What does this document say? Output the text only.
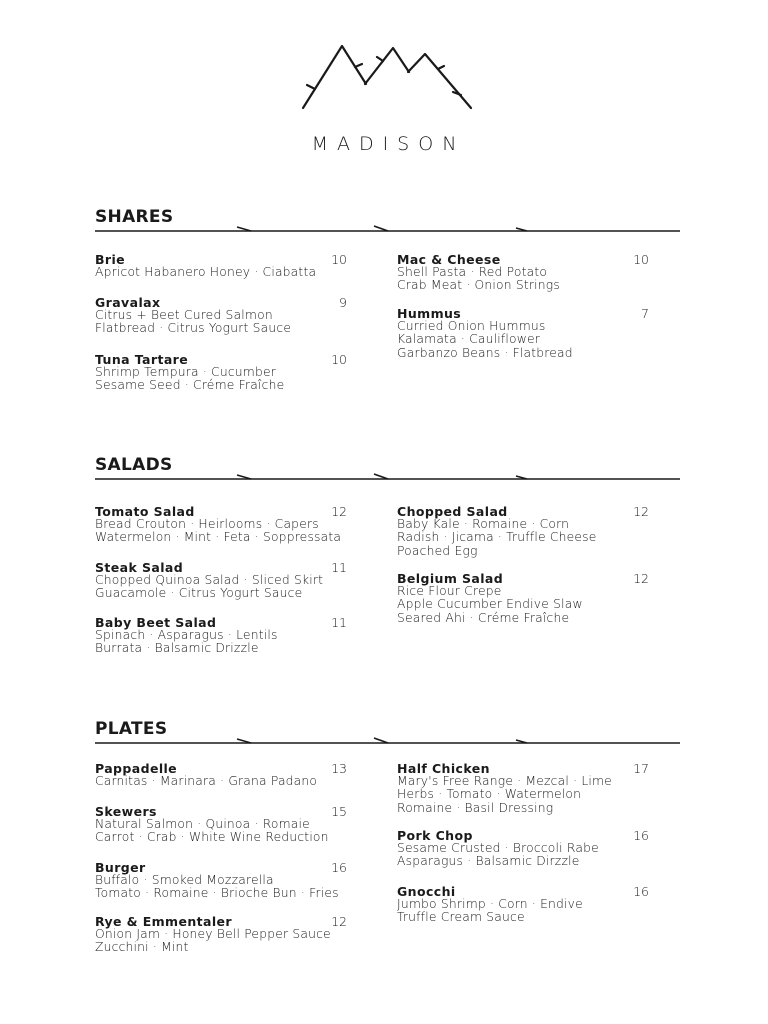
MADISON
SHARES
Brie	10
Apricot Habanero Honey · Ciabatta
Gravalax	9
Citrus + Beet Cured Salmon
Flatbread · Citrus Yogurt Sauce
Tuna Tartare	10
Shrimp Tempura · Cucumber
Sesame Seed · Créme Fraîche
Mac & Cheese	10
Shell Pasta · Red Potato
Crab Meat · Onion Strings
Hummus	7
Curried Onion Hummus
Kalamata · Cauliflower
Garbanzo Beans · Flatbread
SALADS
Tomato Salad	12
Bread Crouton · Heirlooms · Capers
Watermelon · Mint · Feta · Soppressata
Steak Salad	11
Chopped Quinoa Salad · Sliced Skirt
Guacamole · Citrus Yogurt Sauce
Baby Beet Salad	11
Spinach · Asparagus · Lentils
Burrata · Balsamic Drizzle
Chopped Salad	12
Baby Kale · Romaine · Corn
Radish · Jicama · Truffle Cheese
Poached Egg
Belgium Salad	12
Rice Flour Crepe
Apple Cucumber Endive Slaw
Seared Ahi · Créme Fraîche
PLATES
Pappadelle	13
Carnitas · Marinara · Grana Padano
Skewers	15
Natural Salmon · Quinoa · Romaie
Carrot · Crab · White Wine Reduction
Burger	16
Buffalo · Smoked Mozzarella
Tomato · Romaine · Brioche Bun · Fries
Rye & Emmentaler	12
Onion Jam · Honey Bell Pepper Sauce
Zucchini · Mint
Half Chicken	17
Mary's Free Range · Mezcal · Lime
Herbs · Tomato · Watermelon
Romaine · Basil Dressing
Pork Chop	16
Sesame Crusted · Broccoli Rabe
Asparagus · Balsamic Dirzzle
Gnocchi	16
Jumbo Shrimp · Corn · Endive
Truffle Cream Sauce
